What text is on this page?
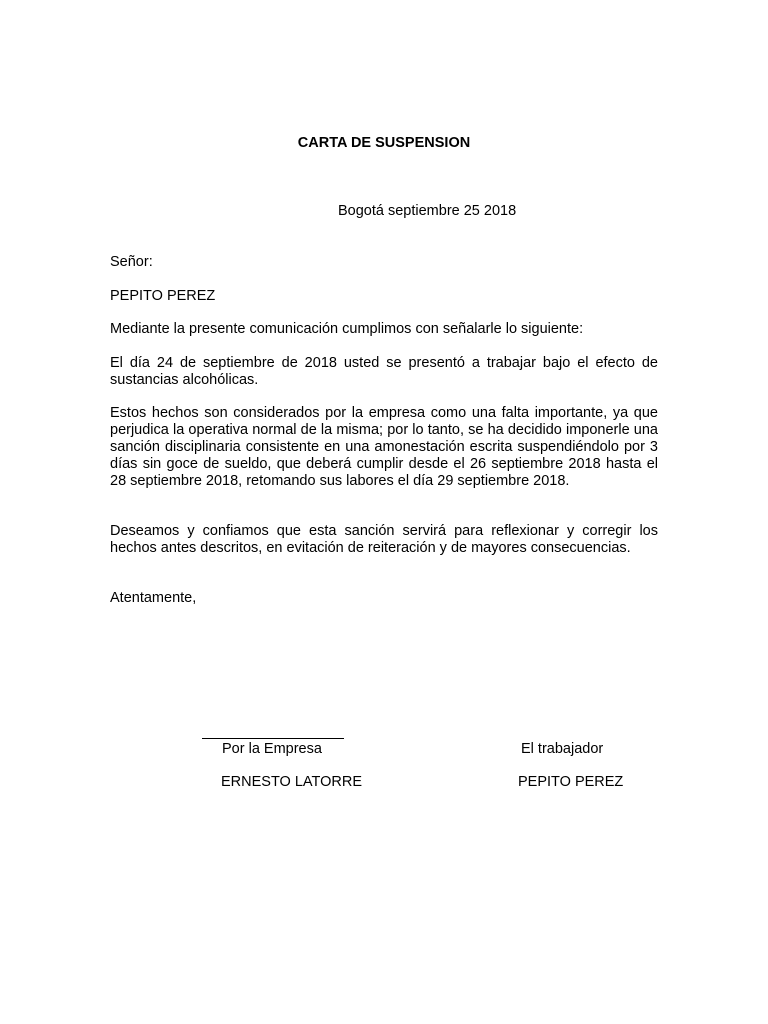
CARTA DE SUSPENSION
Bogotá septiembre 25 2018

Señor:

PEPITO PEREZ

Mediante la presente comunicación cumplimos con señalarle lo siguiente:

El día 24 de septiembre de 2018 usted se presentó a trabajar bajo el efecto de sustancias alcohólicas.

Estos hechos son considerados por la empresa como una falta importante, ya que perjudica la operativa normal de la misma; por lo tanto, se ha decidido imponerle una sanción disciplinaria consistente en una amonestación escrita suspendiéndolo por 3 días sin goce de sueldo, que deberá cumplir desde el 26 septiembre 2018 hasta el 28 septiembre 2018, retomando sus labores el día 29 septiembre 2018.

Deseamos y confiamos que esta sanción servirá para reflexionar y corregir los hechos antes descritos, en evitación de reiteración y de mayores consecuencias.

Atentamente,

Por la Empresa	El trabajador
ERNESTO LATORRE	PEPITO PEREZ
